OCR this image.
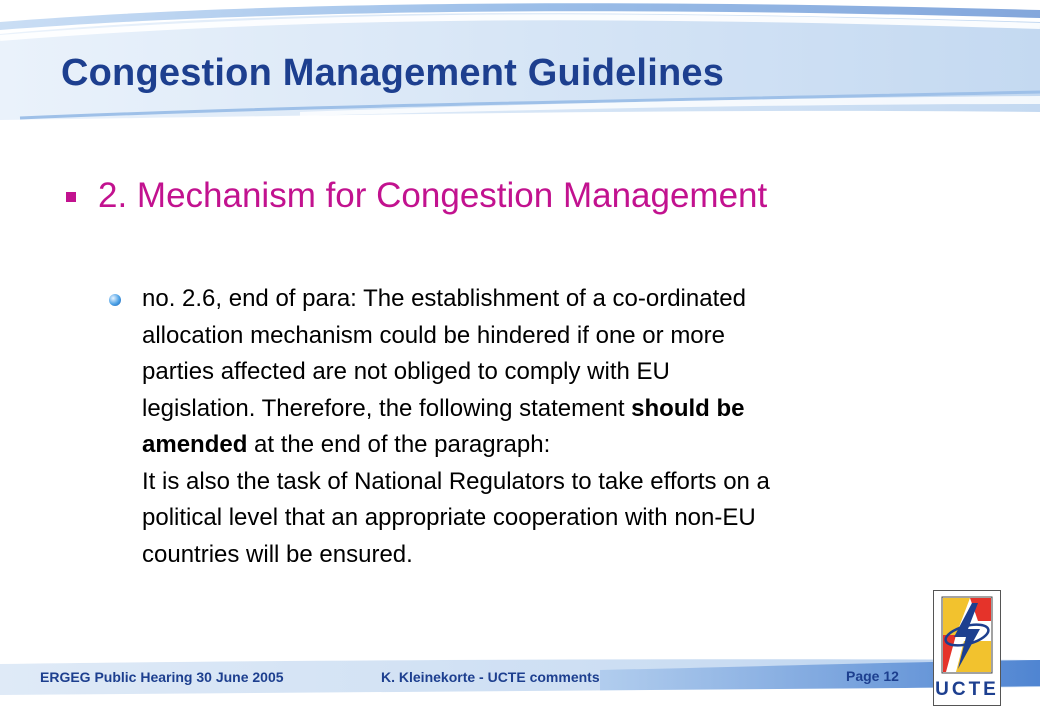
Congestion Management Guidelines
2. Mechanism for Congestion Management

no. 2.6, end of para: The establishment of a co-ordinated
allocation mechanism could be hindered if one or more
parties affected are not obliged to comply with EU
legislation. Therefore, the following statement should be
amended at the end of the paragraph:
It is also the task of National Regulators to take efforts on a
political level that an appropriate cooperation with non-EU
countries will be ensured.

ERGEG Public Hearing 30 June 2005	K. Kleinekorte - UCTE comments	Page 12
UCTE
